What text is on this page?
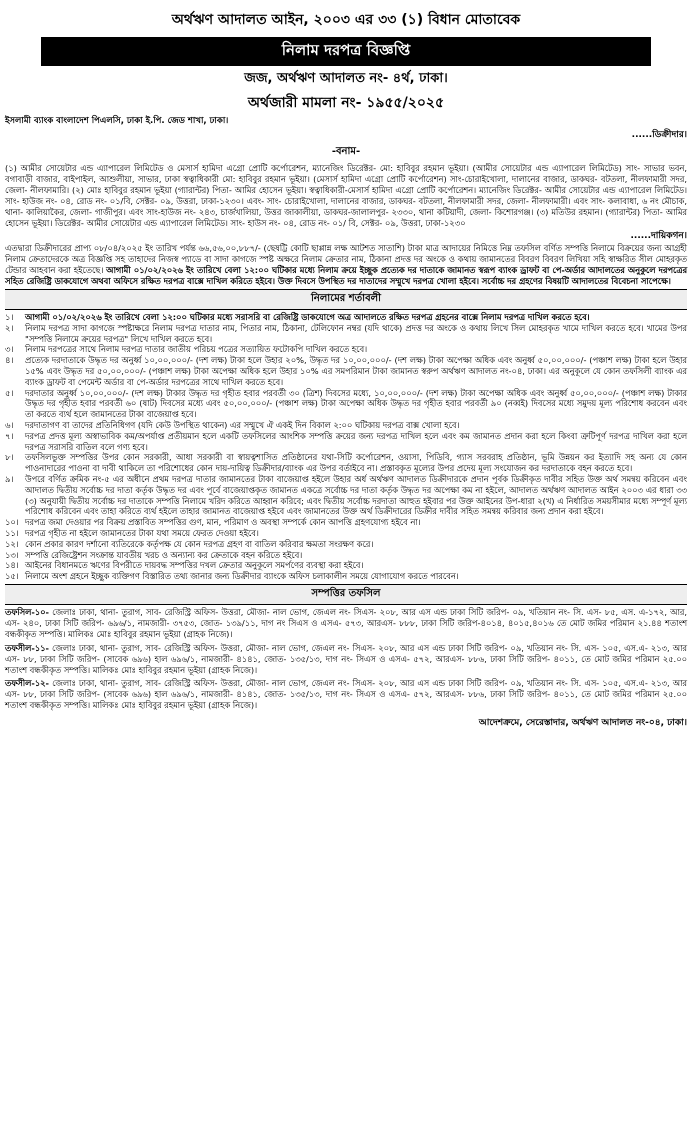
অর্থঋণ আদালত আইন, ২০০৩ এর ৩৩ (১) বিধান মোতাবেক
নিলাম দরপত্র বিজ্ঞপ্তি
জজ, অর্থঋণ আদালত নং- ৪র্থ, ঢাকা।
অর্থজারী মামলা নং- ১৯৫৫/২০২৫
ইসলামী ব্যাংক বাংলাদেশ পিএলসি, ঢাকা ই.পি. জেড শাখা, ঢাকা।
......ডিক্রীদার।
-বনাম-

(১) আমীর সোয়েটার এন্ড এ্যাপারেল লিমিটেড ও মেসার্স হামিদা এগ্রো প্রোটি কর্পোরেশন, ম্যানেজিং ডিরেক্টর- মো: হাবিবুর রহমান ভূইয়া। (আমীর সোয়েটার এন্ড এ্যাপারেল লিমিটেড) সাং- সাভার ভবন, বগাবাড়ী বাজার, বাইপাইল, আশুলীয়া, সাভার, ঢাকা স্বত্বাধিকারী মো: হাবিবুর রহমান ভূইয়া। (মেসার্স হামিদা এগ্রো প্রোটি কর্পোরেশন) সাং-চোরাইখোলা, দালানের বাজার, ডাকঘর- বটতলা, নীলফামারী সদর, জেলা- নীলফামারি। (২) মোঃ হাবিবুর রহমান ভূইয়া (গ্যারান্টর) পিতা- আমির হোসেন ভূইয়া। স্বত্বাধিকারী-মেসার্স হামিদা এগ্রো প্রোটি কর্পোরেশন। ম্যানেজিং ডিরেক্টর- আমীর সোয়েটার এন্ড এ্যাপারেল লিমিটেড। সাং- হাউজ নং- ০৪, রোড নং- ০১/বি, সেক্টর- ০৯, উত্তরা, ঢাকা-১২৩০। এবং- সাং- চোরাইখোলা, দালানের বাজার, ডাকঘর- বটতলা, নীলফামারী সদর, জেলা- নীলফামারী। এবং সাং- কলাবাধা, ৬ নং মৌচাক, থানা- কালিয়াকৈর, জেলা- গাজীপুর। এবং সাং-হাউজ নং- ২৪৩, চার্জখালিয়া, উত্তর জাকালীয়া, ডাকঘর-জালালপুর- ২৩৩০, থানা কটিয়াদী, জেলা- কিশোরগঞ্জ। (৩) মতিউর রহমান। (গ্যারান্টর) পিতা- আমির হোসেন ভূইয়া। ডিরেক্টর- আমীর সোয়েটার এন্ড এ্যাপারেল লিমিটেড। সাং- হাউস নং- ০৪, রোড নং- ০১/ বি, সেক্টর- ০৯, উত্তরা, ঢাকা-১২৩০

......দায়িকগন।

এতদ্বারা ডিক্রীদারের প্রাপ্য ০৮/০৪/২০২৫ ইং তারিখ পর্যন্ত ৬৬,৫৬,০০,৮৮৭/- (ছেষট্টি কোটি ছাপ্পান্ন লক্ষ আটশত সাতাশি) টাকা মাত্র আদায়ের নিমিত্তে নিম্ন তফসিল বর্ণিত সম্পত্তি নিলামে বিক্রয়ের জন্য আগ্রহী নিলাম ক্রেতাদেরকে অত্র বিজ্ঞপ্তি সহ তাহাদের নিজস্ব প্যাডে বা সাদা কাগজে স্পষ্ট অক্ষরে নিলাম ক্রেতার নাম, ঠিকানা প্রদত্ত দর অংকে ও কথায় জামানতের বিবরণ বিবরণ লিখিয়া সহি স্বাক্ষরিত সীল মোহরকৃত টেন্ডার আহবান করা হইতেছে। আগামী ০১/০২/২০২৬ ইং তারিখে বেলা ১২:০০ ঘটিকার মধ্যে নিলাম ক্রয়ে ইচ্ছুক প্রত্যেক দর দাতাকে জামানত স্বরূপ ব্যাংক ড্রাফট বা পে-অর্ডার আদালতের অনুকুলে দরপত্রের সহিত রেজিষ্ট্রি ডাকযোগে অথবা অফিসে রক্ষিত দরপত্র বাক্সে দাখিল করিতে হইবে। উক্ত দিবসে উপস্থিত দর দাতাদের সম্মুখে দরপত্র খোলা হইবে। সর্বোচ্চ দর গ্রহণের বিষয়টি আদালতের বিবেচনা সাপেক্ষে।

নিলামের শর্তাবলী
১।	আগামী ০১/০২/২০২৬ ইং তারিখে বেলা ১২:০০ ঘটিকার মধ্যে সরাসরি বা রেজিষ্ট্রি ডাকযোগে অত্র আদালতে রক্ষিত দরপত্র গ্রহনের বাক্সে নিলাম দরপত্র দাখিল করতে হবে।
২।	নিলাম দরপত্র সাদা কাগজে স্পষ্টাক্ষরে নিলাম দরপত্র দাতার নাম, পিতার নাম, ঠিকানা, টেলিফোন নম্বর (যদি থাকে) প্রদত্ত দর অংকে ও কথায় লিখে সিল মোহরকৃত খামে দাখিল করতে হবে। খামের উপর "সম্পত্তি নিলামে ক্রয়ের দরপত্র" লিখে দাখিল করতে হবে।
৩।	নিলাম দরপত্রের সাথে নিলাম দরপত্র দাতার জাতীয় পরিচয় পত্রের সত্যায়িত ফটোকপি দাখিল করতে হবে।
৪।	প্রত্যেক দরদাতাকে উদ্ধৃত দর অনুর্ধ্ব ১০,০০,০০০/- (দশ লক্ষ) টাকা হলে উহার ২০%, উদ্ধৃত দর ১০,০০,০০০/- (দশ লক্ষ) টাকা অপেক্ষা অধিক এবং অনুর্ধ্ব ৫০,০০,০০০/- (পঞ্চাশ লক্ষ) টাকা হলে উহার ১৫% এবং উদ্ধৃত দর ৫০,০০,০০০/- (পঞ্চাশ লক্ষ) টাকা অপেক্ষা অধিক হলে উহার ১০% এর সমপরিমান টাকা জামানত স্বরুপ অর্থঋণ আদালত নং-০৪, ঢাকা। এর অনুকূলে যে কোন তফসিলী ব্যাংক এর ব্যাংক ড্রাফট বা পেমেন্ট অর্ডার বা পে-অর্ডার দরপত্রের সাথে দাখিল করতে হবে।
৫।	দরদাতার অনুর্ধ্ব ১০,০০,০০০/- (দশ লক্ষ) টাকার উদ্ধৃত দর গৃহীত হবার পরবর্তী ৩০ (ত্রিশ) দিবসের মধ্যে, ১০,০০,০০০/- (দশ লক্ষ) টাকা অপেক্ষা অধিক এবং অনুর্ধ্ব ৫০,০০,০০০/- (পঞ্চাশ লক্ষ) টাকার উদ্ধৃত দর গৃহীত হবার পরবর্তী ৬০ (ষাট) দিবসের মধ্যে এবং ৫০,০০,০০০/- (পঞ্চাশ লক্ষ) টাকা অপেক্ষা অধিক উদ্ধৃত দর গৃহীত হবার পরবর্তী ৯০ (নব্বই) দিবসের মধ্যে সমুদয় মূল্য পরিশোধ করবেন এবং তা করতে ব্যর্থ হলে জামানতের টাকা বাজেয়াপ্ত হবে।
৬।	দরদাতাগণ বা তাদের প্রতিনিধিগণ (যদি কেউ উপস্থিত থাকেন) এর সম্মুখে ঐ একই দিন বিকাল ২:০০ ঘটিকায় দরপত্র বাক্স খোলা হবে।
৭।	দরপত্র প্রদত্ত মূল্য অস্বাভাবিক কম/অপর্যাপ্ত প্রতীয়মান হলে একটি তফসিলের আংশিক সম্পত্তি ক্রয়ের জন্য দরপত্র দাখিল হলে এবং কম জামানত প্রদান করা হলে কিংবা ত্রুটিপূর্ণ দরপত্র দাখিল করা হলে দরপত্র সরাসরি বাতিল বলে গণ্য হবে।
৮।	তফসিলভুক্ত সম্পত্তির উপর কোন সরকারী, আধা সরকারী বা স্বায়ত্বশাসিত প্রতিষ্ঠানের যথা-সিটি কর্পোরেশন, ওয়াসা, পিডিবি, গ্যাস সরবরাহ প্রতিষ্ঠান, ভূমি উন্নয়ন কর ইত্যাদি সহ অন্য যে কোন পাওনাদারের পাওনা বা দাবী থাকিলে তা পরিশোধের কোন দায়-দায়িত্ব ডিক্রীদার/ব্যাংক এর উপর বর্তাইবে না। প্রস্তাবকৃত মূল্যের উপর প্রদেয় মূল্য সংযোজন কর দরদাতাকে বহন করতে হবে।
৯।	উপরে বর্ণিত ক্রমিক নং-৫ এর অধীনে প্রথম দরপত্র দাতার জামানতের টাকা বাজেয়াপ্ত হইলে উহার অর্ধ অর্থঋণ আদালত ডিক্রীদারকে প্রদান পূর্বক ডিক্রীকৃত দাবীর সহিত উক্ত অর্থ সমন্বয় করিবেন এবং আদালত দ্বিতীয় সর্বোচ্চ দর দাতা কর্তৃক উদ্ধৃত দর এবং পূর্বে বাজেয়াপ্তকৃত জামানত একত্রে সর্বোচ্চ দর দাতা কর্তৃক উদ্ধৃত দর অপেক্ষা কম না হইলে, আদালত অর্থঋণ আদালত আইন ২০০৩ এর ধারা ৩৩ (৩) অনুযায়ী দ্বিতীয় সর্বোচ্চ দর দাতাকে সম্পত্তি নিলামে খরিদ করিতে আহ্বান করিবে; এবং দ্বিতীয় সর্বোচ্চ দরদাতা আহুত হইবার পর উক্ত আইনের উপ-ধারা ২(খ) এ নির্ধারিত সময়সীমার মধ্যে সম্পূর্ণ মূল্য পরিশোধ করিবেন এবং তাহা করিতে ব্যর্থ হইলে তাহার জামানত বাজেয়াপ্ত হইবে এবং জামানতের উক্ত অর্থ ডিক্রীদারের ডিক্রীর দাবীর সহিত সমন্বয় করিবার জন্য প্রদান করা হইবে।
১০। দরপত্র জমা দেওয়ার পর বিক্রয় প্রস্তাবিত সম্পত্তির গুণ, মান, পরিমাণ ও অবস্থা সম্পর্কে কোন আপত্তি গ্রহণযোগ্য হইবে না।
১১। দরপত্র গৃহীত না হইলে জামানতের টাকা যথা সময়ে ফেরত দেওয়া হইবে।
১২। কোন প্রকার কারণ দর্শানো ব্যতিরেকে কর্তৃপক্ষ যে কোন দরপত্র গ্রহণ বা বাতিল করিবার ক্ষমতা সংরক্ষণ করে।
১৩। সম্পত্তি রেজিষ্ট্রেশন সংক্রান্ত যাবতীয় খরচ ও অন্যান্য কর ক্রেতাকে বহন করিতে হইবে।
১৪। আইনের বিধানমতে ঋণের বিপরীতে দায়বদ্ধ সম্পত্তির দখল ক্রেতার অনুকূলে সমর্পণের ব্যবস্থা করা হইবে।
১৫। নিলামে অংশ গ্রহনে ইচ্ছুক ব্যক্তিগণ বিস্তারিত তথ্য জানার জন্য ডিক্রীদার ব্যাংকে অফিস চলাকালীন সময়ে যোগাযোগ করতে পারবেন।
সম্পত্তির তফসিল

তফসিল-১০- জেলাঃ ঢাকা, থানা- তুরাগ, সাব- রেজিস্ট্রি অফিস- উত্তরা, মৌজা- নাল ভোগ, জেএল নং- সিএস- ২০৮, আর এস এন্ড ঢাকা সিটি জরিপ- ০৯, খতিয়ান নং- সি. এস- ৮৫, এস. এ-১৭২, আর, এস- ২৪০, ঢাকা সিটি জরিপ- ৬৯৬/১, নামজারী- ৩৭৫৩, জোত- ১৩৯/১১, দাগ নং সিএস ও এসএ- ৫৭৩, আরএস- ৮৮৮, ঢাকা সিটি জরিপ-৪০১৪, ৪০১৫,৪০১৬ তে মোট জমির পরিমান ২১.৪৪ শতাংশ বন্ধকীকৃত সম্পত্তি। মালিকঃ মোঃ হাবিবুর রহমান ভূইয়া (গ্রাহক নিজে)।

তফসীল-১১- জেলাঃ ঢাকা, থানা- তুরাগ, সাব- রেজিস্ট্রি অফিস- উত্তরা, মৌজা- নাল ভোগ, জেএল নং- সিএস- ২০৮, আর এস এন্ড ঢাকা সিটি জরিপ- ০৯, খতিয়ান নং- সি. এস- ১০৫, এস.এ- ২১৩, আর এস- ৮৮, ঢাকা সিটি জরিপ- (সাবেক ৬৯৬) হাল ৬৯৬/১, নামজারী- ৪১৪১, জোত- ১৩৫/১৩, দাগ নং- সিএস ও এসএ- ৫৭২, আরএস- ৮৮৬, ঢাকা সিটি জরিপ- ৪০১১, তে মোট জমির পরিমান ২৫.০০ শতাংশ বন্ধকীকৃত সম্পত্তি। মালিকঃ মোঃ হাবিবুর রহমান ভূইয়া (গ্রাহক নিজে)।

তফসীল-১২- জেলাঃ ঢাকা, থানা- তুরাগ, সাব- রেজিস্ট্রি অফিস- উত্তরা, মৌজা- নাল ভোগ, জেএল নং- সিএস- ২০৮, আর এস এন্ড ঢাকা সিটি জরিপ- ০৯, খতিয়ান নং- সি. এস- ১০৫, এস.এ- ২১৩, আর এস- ৮৮, ঢাকা সিটি জরিপ- (সাবেক ৬৯৬) হাল ৬৯৬/১, নামজারী- ৪১৪১, জোত- ১৩৫/১৩, দাগ নং- সিএস ও এসএ- ৫৭২, আরএস- ৮৮৬, ঢাকা সিটি জরিপ- ৪০১১, তে মোট জমির পরিমান ২৫.০০ শতাংশ বন্ধকীকৃত সম্পত্তি। মালিকঃ মোঃ হাবিবুর রহমান ভূইয়া (গ্রাহক নিজে)।

আদেশক্রমে, সেরেস্তাদার, অর্থঋণ আদালত নং-০৪, ঢাকা।
